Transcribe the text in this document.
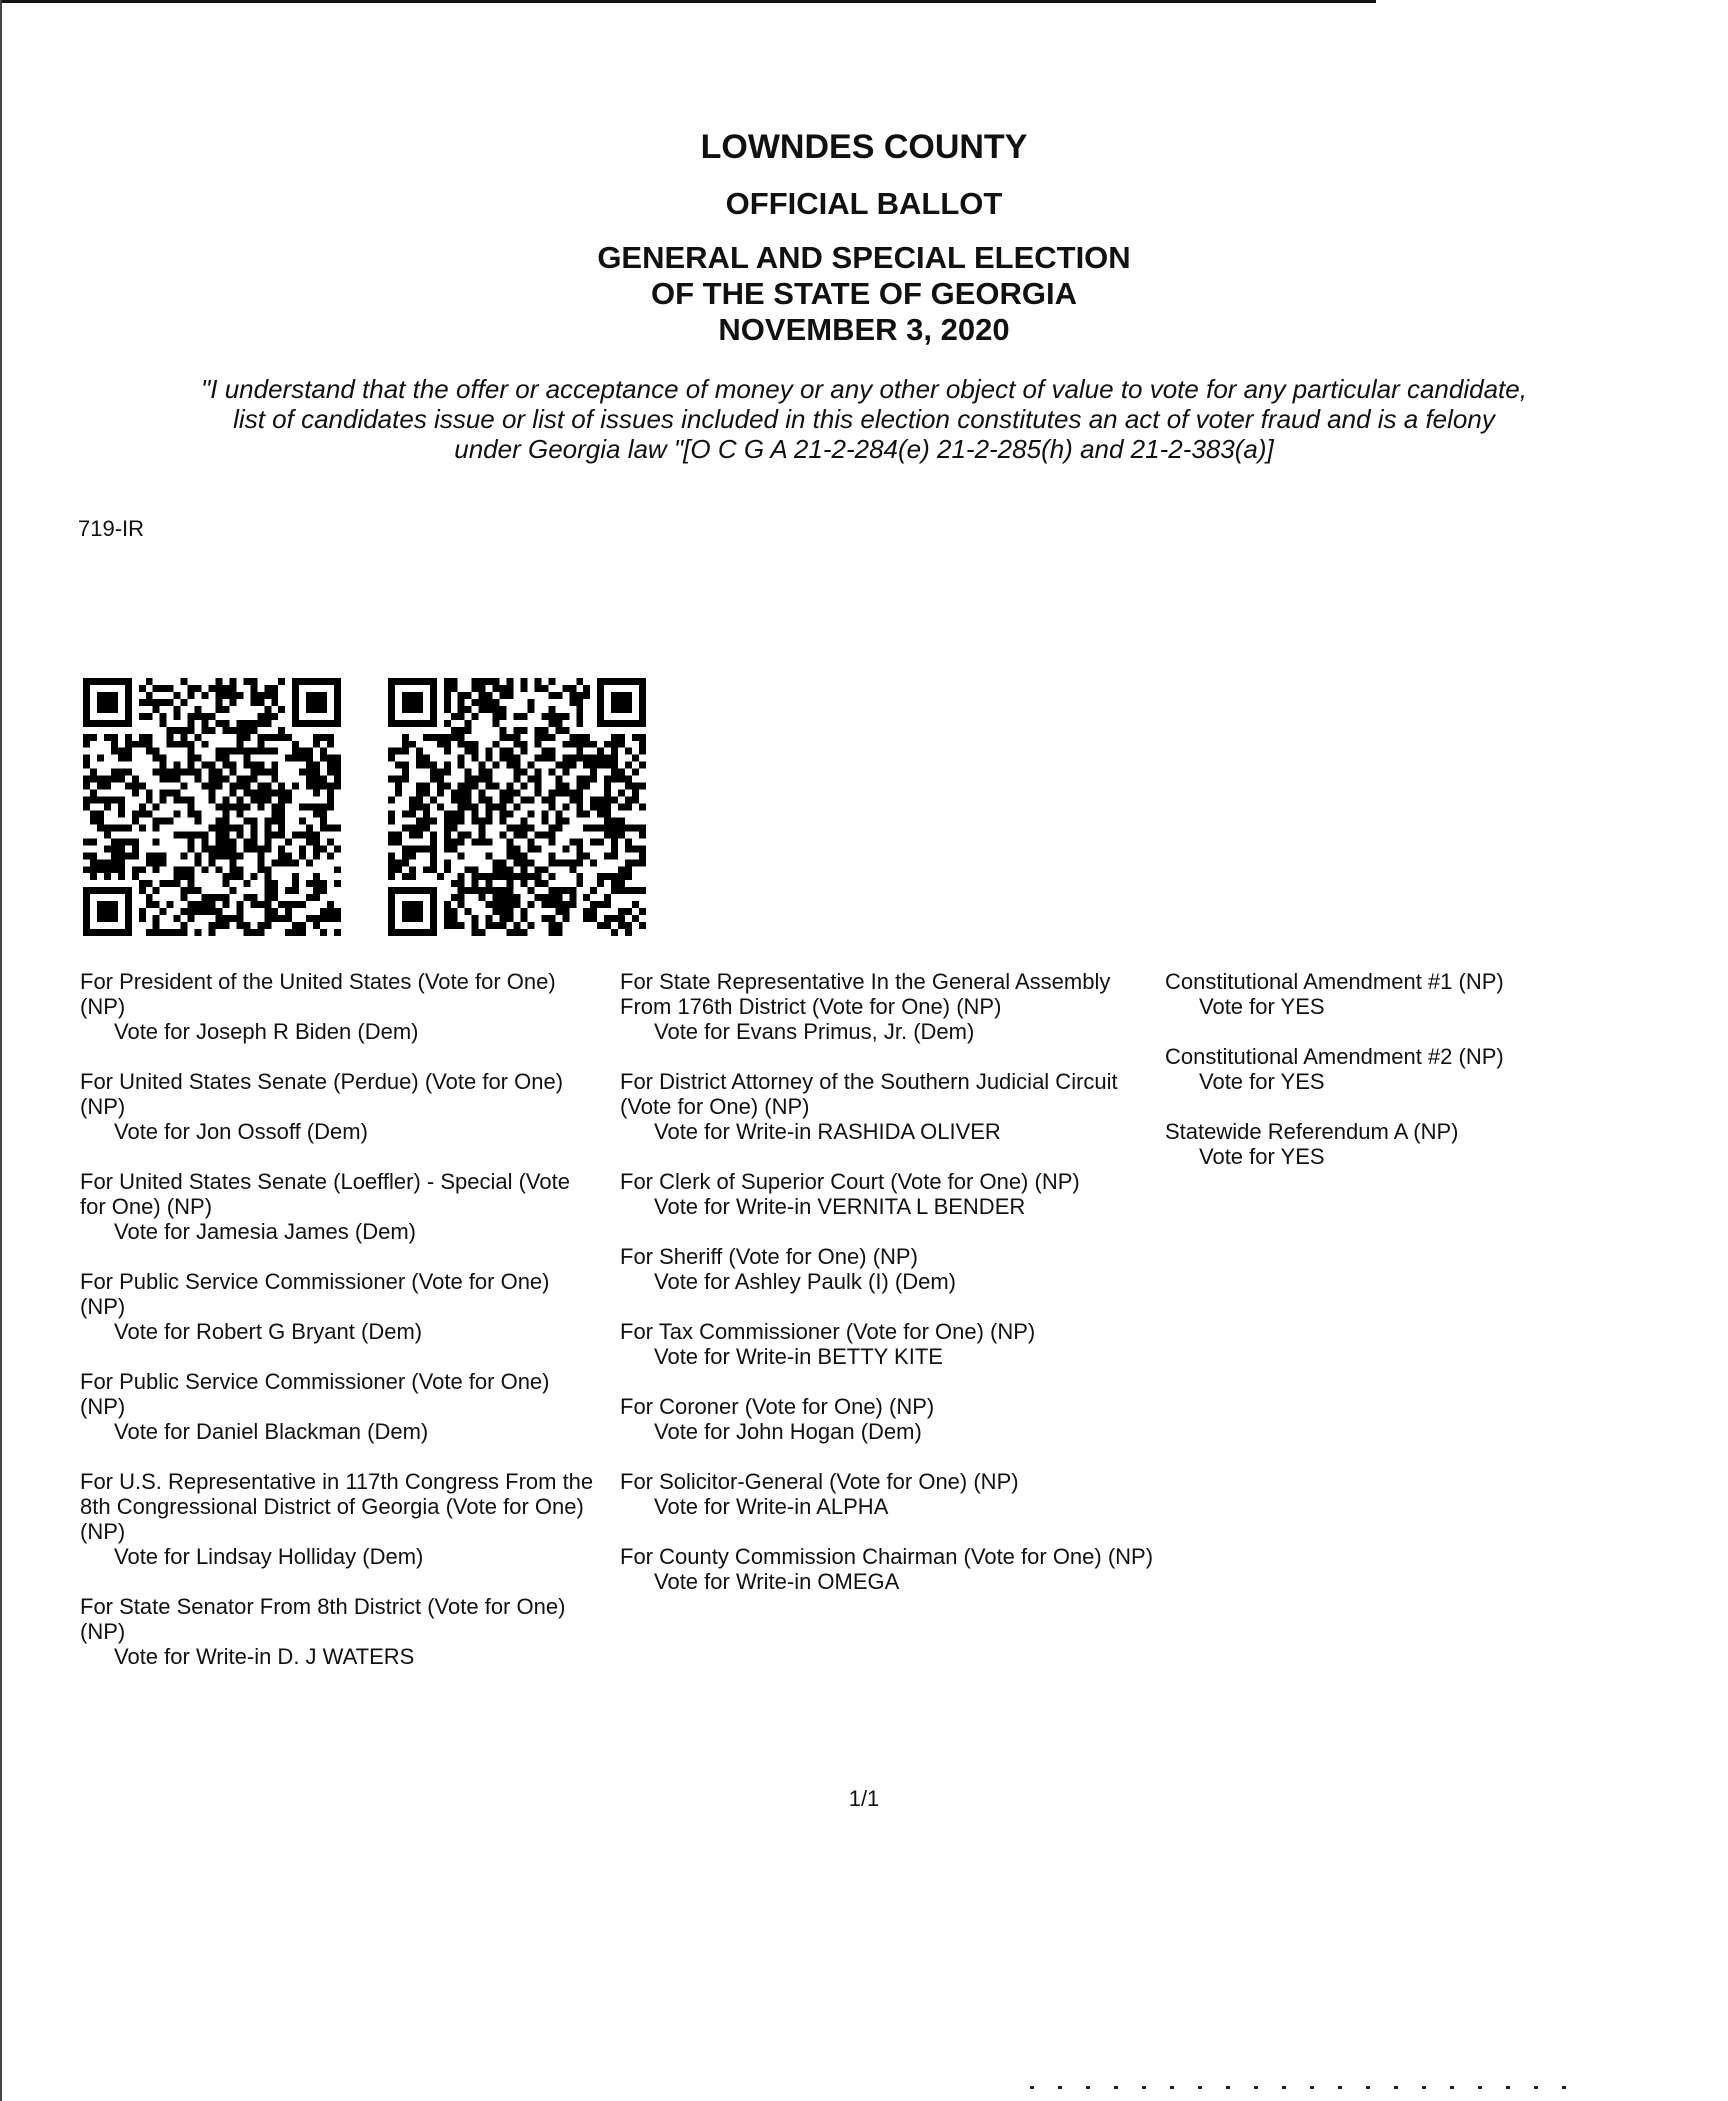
LOWNDES COUNTY
OFFICIAL BALLOT
GENERAL AND SPECIAL ELECTION
OF THE STATE OF GEORGIA
NOVEMBER 3, 2020
"I understand that the offer or acceptance of money or any other object of value to vote for any particular candidate,
list of candidates issue or list of issues included in this election constitutes an act of voter fraud and is a felony
under Georgia law "[O C G A 21-2-284(e) 21-2-285(h) and 21-2-383(a)]
719-IR
For President of the United States (Vote for One) (NP)
Vote for Joseph R Biden (Dem)
For United States Senate (Perdue) (Vote for One) (NP)
Vote for Jon Ossoff (Dem)
For United States Senate (Loeffler) - Special (Vote for One) (NP)
Vote for Jamesia James (Dem)
For Public Service Commissioner (Vote for One) (NP)
Vote for Robert G Bryant (Dem)
For Public Service Commissioner (Vote for One) (NP)
Vote for Daniel Blackman (Dem)
For U.S. Representative in 117th Congress From the 8th Congressional District of Georgia (Vote for One) (NP)
Vote for Lindsay Holliday (Dem)
For State Senator From 8th District (Vote for One) (NP)
Vote for Write-in D. J WATERS
For State Representative In the General Assembly From 176th District (Vote for One) (NP)
Vote for Evans Primus, Jr. (Dem)
For District Attorney of the Southern Judicial Circuit (Vote for One) (NP)
Vote for Write-in RASHIDA OLIVER
For Clerk of Superior Court (Vote for One) (NP)
Vote for Write-in VERNITA L BENDER
For Sheriff (Vote for One) (NP)
Vote for Ashley Paulk (I) (Dem)
For Tax Commissioner (Vote for One) (NP)
Vote for Write-in BETTY KITE
For Coroner (Vote for One) (NP)
Vote for John Hogan (Dem)
For Solicitor-General (Vote for One) (NP)
Vote for Write-in ALPHA
For County Commission Chairman (Vote for One) (NP)
Vote for Write-in OMEGA
Constitutional Amendment #1 (NP)
Vote for YES
Constitutional Amendment #2 (NP)
Vote for YES
Statewide Referendum A (NP)
Vote for YES
1/1
